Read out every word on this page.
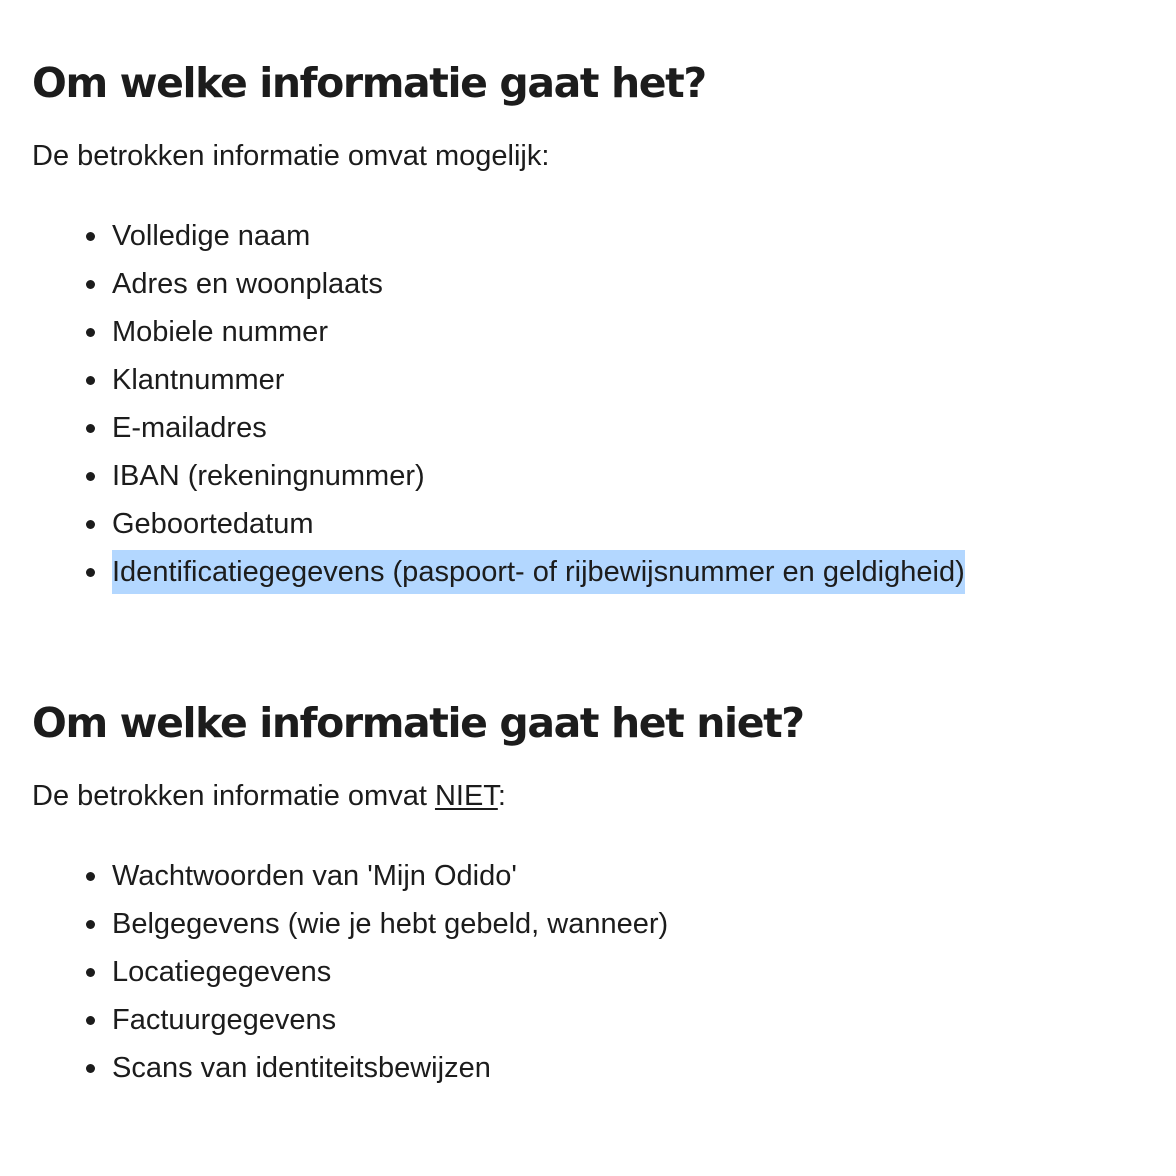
Om welke informatie gaat het?

De betrokken informatie omvat mogelijk:

Volledige naam
Adres en woonplaats
Mobiele nummer
Klantnummer
E-mailadres
IBAN (rekeningnummer)
Geboortedatum
Identificatiegegevens (paspoort- of rijbewijsnummer en geldigheid)
Om welke informatie gaat het niet?

De betrokken informatie omvat NIET:

Wachtwoorden van 'Mijn Odido'
Belgegevens (wie je hebt gebeld, wanneer)
Locatiegegevens
Factuurgegevens
Scans van identiteitsbewijzen
